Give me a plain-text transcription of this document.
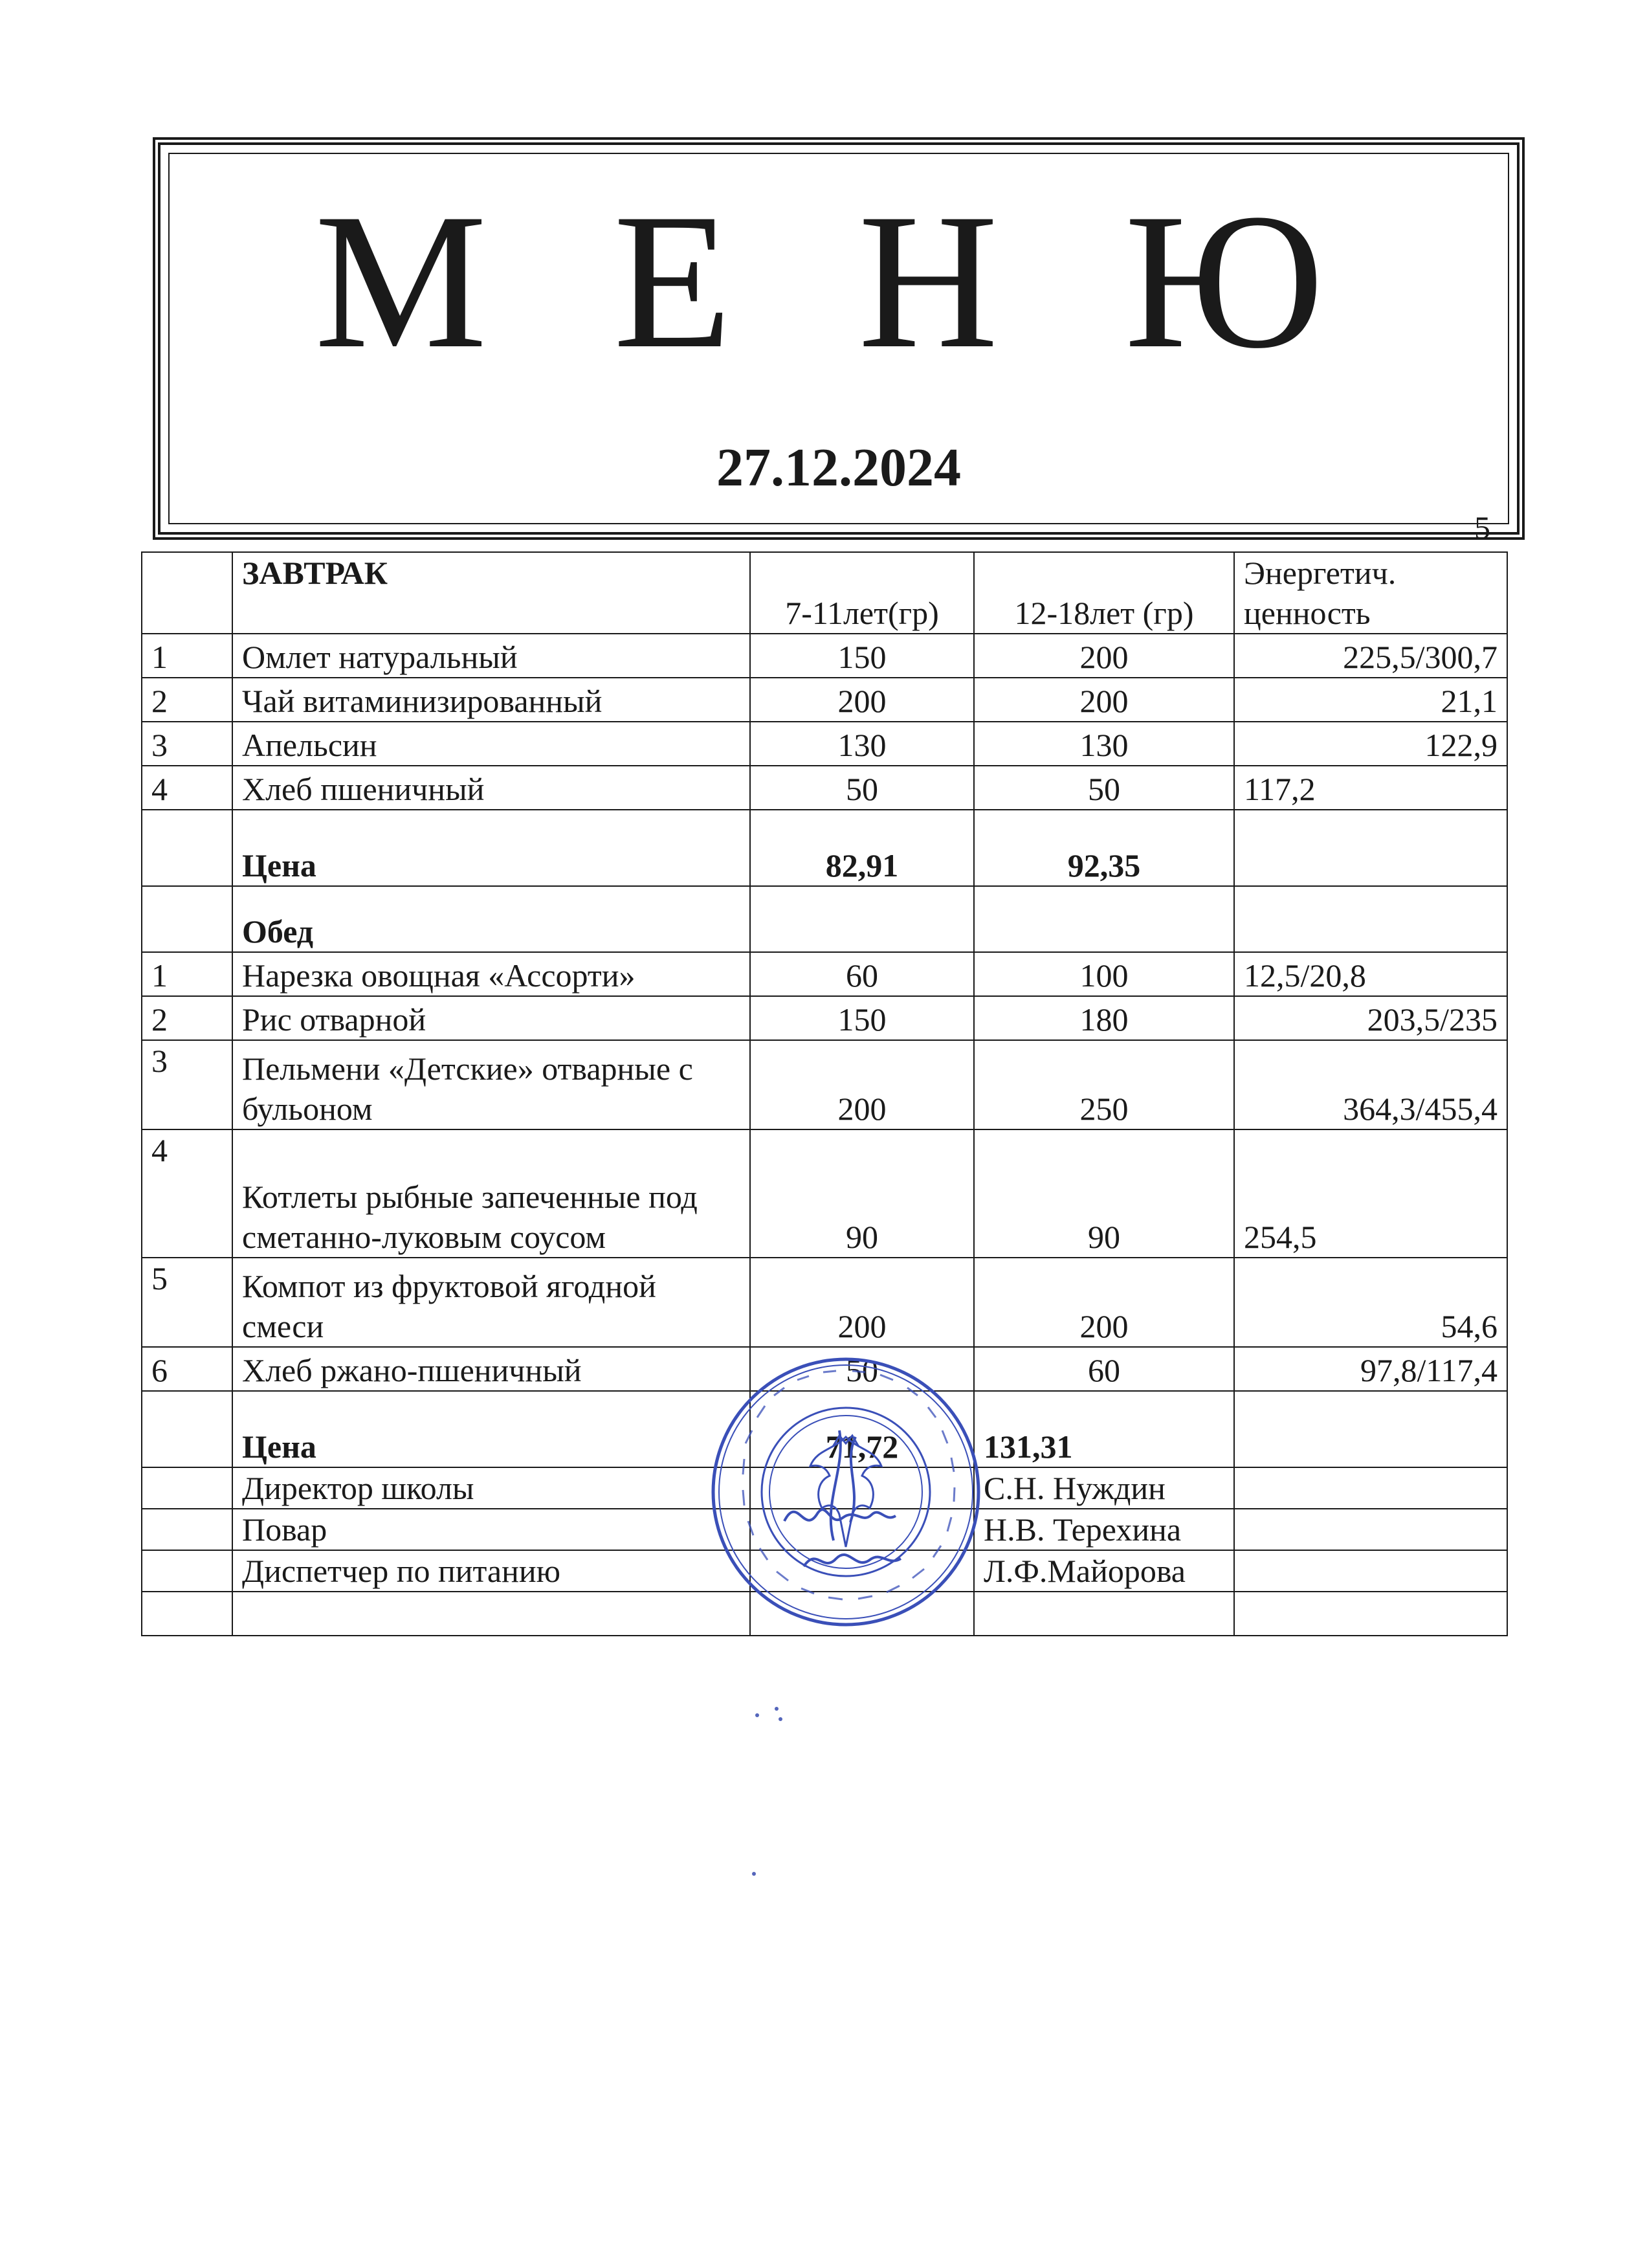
М Е Н Ю
27.12.2024
5
	ЗАВТРАК	7-11лет(гр)	12-18лет (гр)	Энергетич. ценность
1	Омлет натуральный	150	200	225,5/300,7
2	Чай витаминизированный	200	200	21,1
3	Апельсин	130	130	122,9
4	Хлеб пшеничный	50	50	117,2
	Цена	82,91	92,35	
	Обед			
1	Нарезка овощная «Ассорти»	60	100	12,5/20,8
2	Рис отварной	150	180	203,5/235
3	Пельмени «Детские» отварные с бульоном	200	250	364,3/455,4
4	Котлеты рыбные запеченные под сметанно-луковым соусом	90	90	254,5
5	Компот из фруктовой ягодной смеси	200	200	54,6
6	Хлеб ржано-пшеничный	50	60	97,8/117,4
	Цена	71,72	131,31	
	Директор школы		С.Н. Нуждин	
	Повар		Н.В. Терехина	
	Диспетчер по питанию		Л.Ф.Майорова	
